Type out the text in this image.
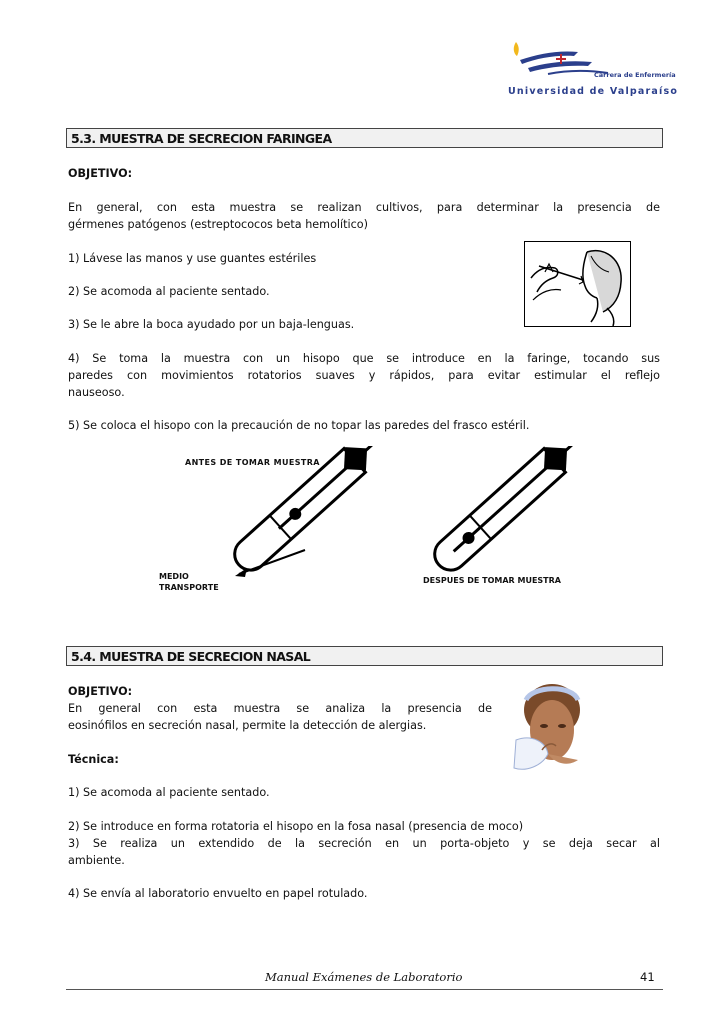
Carrera de Enfermería
Universidad de Valparaíso
5.3. MUESTRA DE SECRECION FARINGEA

OBJETIVO:

En general, con esta muestra se realizan cultivos, para determinar la presencia de

gérmenes patógenos (estreptococos beta hemolítico)

1) Lávese las manos y use guantes estériles

2) Se acomoda al paciente sentado.

3) Se le abre la boca ayudado por un baja-lenguas.

4) Se toma la muestra con un hisopo que se introduce en la faringe, tocando sus

paredes con movimientos rotatorios suaves y rápidos, para evitar estimular el reflejo

nauseoso.

5) Se coloca el hisopo con la precaución de no topar las paredes del frasco estéril.

ANTES DE TOMAR MUESTRA
MEDIO
TRANSPORTE
DESPUES DE TOMAR MUESTRA
5.4. MUESTRA DE SECRECION NASAL

OBJETIVO:

En general con esta muestra se analiza la presencia de

eosinófilos en secreción nasal, permite la detección de alergias.

Técnica:

1) Se acomoda al paciente sentado.

2) Se introduce en forma rotatoria el hisopo en la fosa nasal (presencia de moco)

3) Se realiza un extendido de la secreción en un porta-objeto y se deja secar al

ambiente.

4) Se envía al laboratorio envuelto en papel rotulado.

Manual Exámenes de Laboratorio	41
